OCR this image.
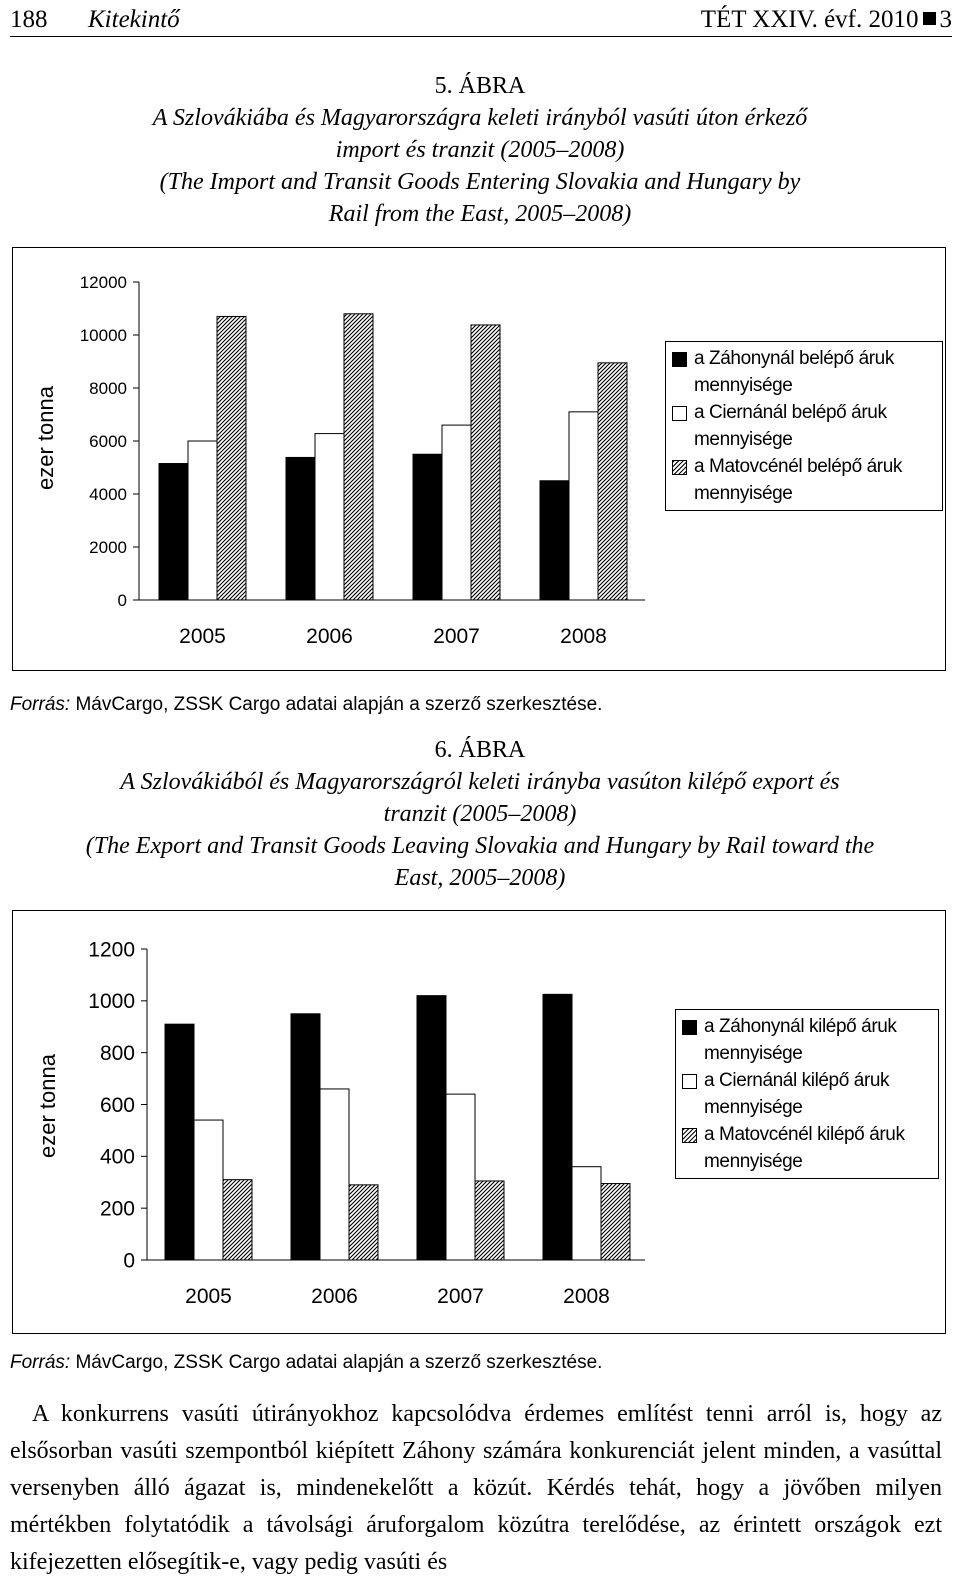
188 Kitekintő	TÉT XXIV. évf. 2010 3
5. ÁBRA
A Szlovákiába és Magyarországra keleti irányból vasúti úton érkező import és tranzit (2005–2008)
(The Import and Transit Goods Entering Slovakia and Hungary by Rail from the East, 2005–2008)
0
2000
4000
6000
8000
10000
12000
ezer tonna
2005	2006	2007	2008
a Záhonynál belépő áruk mennyisége
a Ciernánál belépő áruk mennyisége
a Matovcénél belépő áruk mennyisége
Forrás: MávCargo, ZSSK Cargo adatai alapján a szerző szerkesztése.
6. ÁBRA
A Szlovákiából és Magyarországról keleti irányba vasúton kilépő export és tranzit (2005–2008)
(The Export and Transit Goods Leaving Slovakia and Hungary by Rail toward the East, 2005–2008)
0
200
400
600
800
1000
1200
ezer tonna
2005	2006	2007	2008
a Záhonynál kilépő áruk mennyisége
a Ciernánál kilépő áruk mennyisége
a Matovcénél kilépő áruk mennyisége
Forrás: MávCargo, ZSSK Cargo adatai alapján a szerző szerkesztése.
A konkurrens vasúti útirányokhoz kapcsolódva érdemes említést tenni arról is, hogy az elsősorban vasúti szempontból kiépített Záhony számára konkurenciát jelent minden, a vasúttal versenyben álló ágazat is, mindenekelőtt a közút. Kérdés tehát, hogy a jövőben milyen mértékben folytatódik a távolsági áruforgalom közútra terelődése, az érintett országok ezt kifejezetten elősegítik-e, vagy pedig vasúti és
